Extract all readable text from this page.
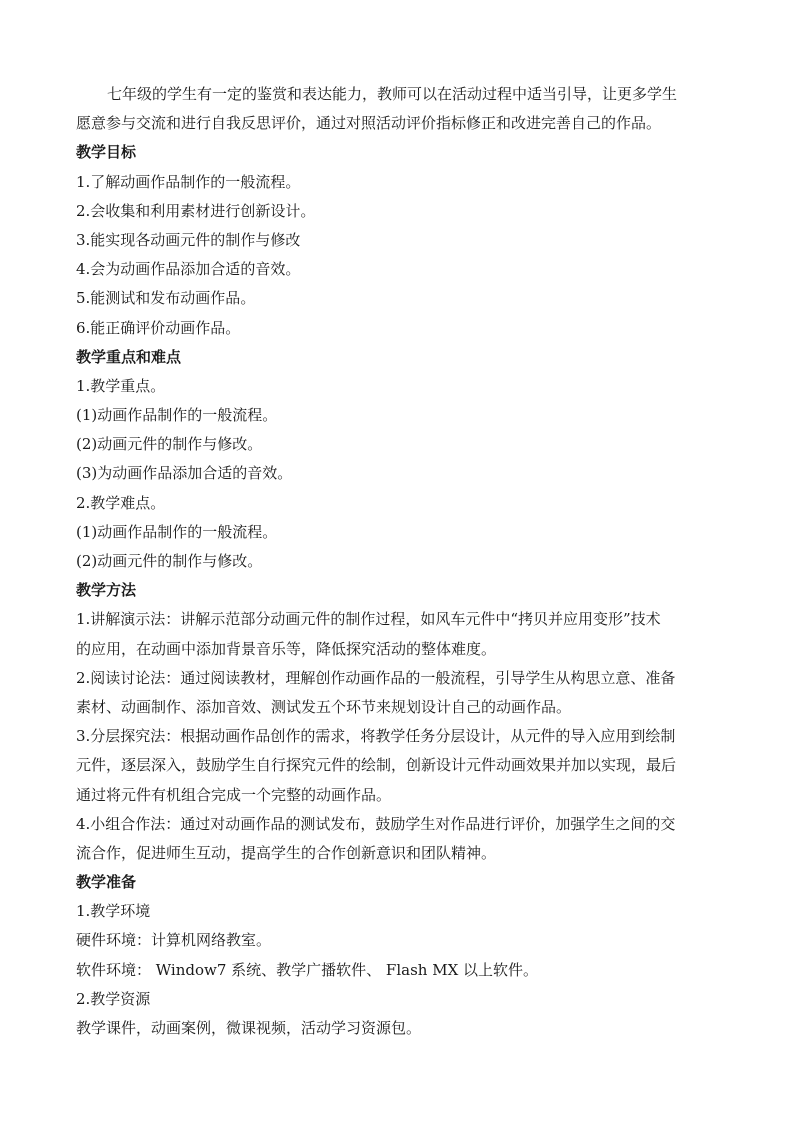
七年级的学生有一定的鉴赏和表达能力，教师可以在活动过程中适当引导，让更多学生
愿意参与交流和进行自我反思评价，通过对照活动评价指标修正和改进完善自己的作品。
教学目标
1.了解动画作品制作的一般流程。
2.会收集和利用素材进行创新设计。
3.能实现各动画元件的制作与修改
4.会为动画作品添加合适的音效。
5.能测试和发布动画作品。
6.能正确评价动画作品。
教学重点和难点
1.教学重点。
(1)动画作品制作的一般流程。
(2)动画元件的制作与修改。
(3)为动画作品添加合适的音效。
2.教学难点。
(1)动画作品制作的一般流程。
(2)动画元件的制作与修改。
教学方法
1.讲解演示法：讲解示范部分动画元件的制作过程，如风车元件中“拷贝并应用变形”技术
的应用，在动画中添加背景音乐等，降低探究活动的整体难度。
2.阅读讨论法：通过阅读教材，理解创作动画作品的一般流程，引导学生从构思立意、准备
素材、动画制作、添加音效、测试发五个环节来规划设计自己的动画作品。
3.分层探究法：根据动画作品创作的需求，将教学任务分层设计，从元件的导入应用到绘制
元件，逐层深入，鼓励学生自行探究元件的绘制，创新设计元件动画效果并加以实现，最后
通过将元件有机组合完成一个完整的动画作品。
4.小组合作法：通过对动画作品的测试发布，鼓励学生对作品进行评价，加强学生之间的交
流合作，促进师生互动，提高学生的合作创新意识和团队精神。
教学准备
1.教学环境
硬件环境：计算机网络教室。
软件环境： Window7 系统、教学广播软件、 Flash MX 以上软件。
2.教学资源
教学课件，动画案例，微课视频，活动学习资源包。
